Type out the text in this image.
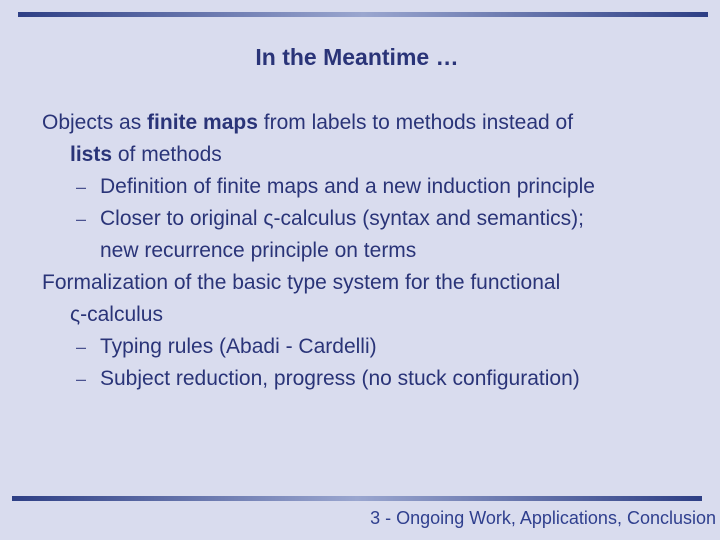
In the Meantime …
Objects as finite maps from labels to methods instead of
lists of methods
– Definition of finite maps and a new induction principle
– Closer to original ς-calculus (syntax and semantics);
new recurrence principle on terms
Formalization of the basic type system for the functional
ς-calculus
– Typing rules (Abadi - Cardelli)
– Subject reduction, progress (no stuck configuration)
3 - Ongoing Work, Applications, Conclusion
